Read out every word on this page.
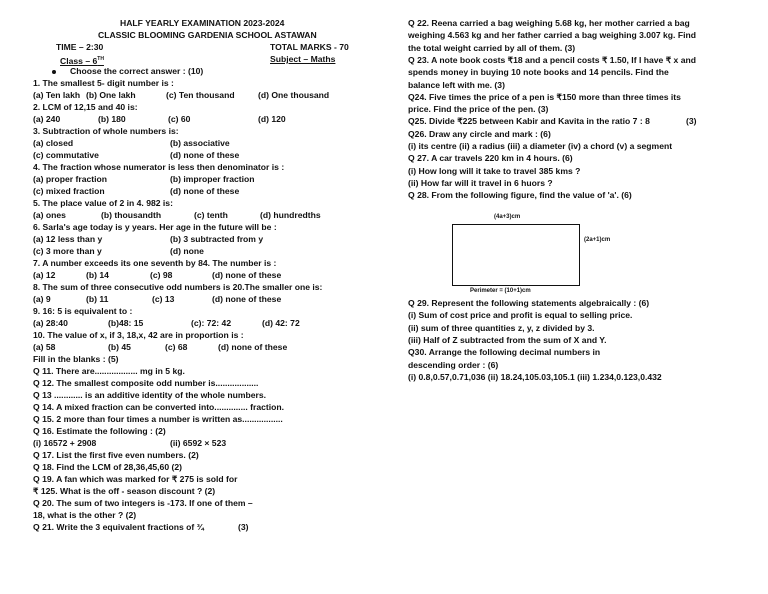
HALF YEARLY EXAMINATION 2023-2024
CLASSIC BLOOMING GARDENIA SCHOOL ASTAWAN
TIME – 2:30	TOTAL MARKS - 70
Class – 6TH	Subject – Maths
Choose the correct answer : (10)
1. The smallest 5- digit number is :
(a) Ten lakh (b) One lakh	(c) Ten thousand	(d) One thousand
2. LCM of 12,15 and 40 is:
(a) 240	(b) 180	(c) 60	(d) 120
3. Subtraction of whole numbers is:
(a) closed	(b) associative
(c) commutative	(d) none of these
4. The fraction whose numerator is less then denominator is :
(a) proper fraction	(b) improper fraction
(c) mixed fraction	(d) none of these
5. The place value of 2 in 4. 982 is:
(a) ones	(b) thousandth	(c) tenth	(d) hundredths
6. Sarla's age today is y years. Her age in the future will be :
(a) 12 less than y	(b) 3 subtracted from y
(c) 3 more than y	(d) none
7. A number exceeds its one seventh by 84. The number is :
(a) 12	(b) 14	(c) 98	(d) none of these
8. The sum of three consecutive odd numbers is 20.The smaller one is:
(a) 9	(b) 11	(c) 13	(d) none of these
9. 16: 5 is equivalent to :
(a) 28:40	(b)48: 15	(c): 72: 42	(d) 42: 72
10. The value of x, if 3, 18,x, 42 are in proportion is :
(a) 58	(b) 45	(c) 68	(d) none of these
Fill in the blanks : (5)
Q 11. There are.................. mg in 5 kg.
Q 12. The smallest composite odd number is..................
Q 13 ............ is an additive identity of the whole numbers.
Q 14. A mixed fraction can be converted into.............. fraction.
Q 15. 2 more than four times a number is written as.................
Q 16. Estimate the following : (2)
(i) 16572 + 2908	(ii) 6592 × 523
Q 17. List the first five even numbers. (2)
Q 18. Find the LCM of 28,36,45,60 (2)
Q 19. A fan which was marked for ₹ 275 is sold for
₹ 125. What is the off - season discount ? (2)
Q 20. The sum of two integers is -173. If one of them –
18, what is the other ? (2)
Q 21. Write the 3 equivalent fractions of ¾	(3)
Q 22. Reena carried a bag weighing 5.68 kg, her mother carried a bag
weighing 4.563 kg and her father carried a bag weighing 3.007 kg. Find
the total weight carried by all of them. (3)
Q 23. A note book costs ₹18 and a pencil costs ₹ 1.50, If I have ₹ x and
spends money in buying 10 note books and 14 pencils. Find the
balance left with me. (3)
Q24. Five times the price of a pen is ₹150 more than three times its
price. Find the price of the pen. (3)
Q25. Divide ₹225 between Kabir and Kavita in the ratio 7 : 8	(3)
Q26. Draw any circle and mark : (6)
(i) its centre (ii) a radius (iii) a diameter (iv) a chord (v) a segment
Q 27. A car travels 220 km in 4 hours. (6)
(i) How long will it take to travel 385 kms ?
(ii) How far will it travel in 6 huors ?
Q 28. From the following figure, find the value of 'a'. (6)
(4a+3)cm
(2a+1)cm
Perimeter = (10+1)cm
Q 29. Represent the following statements algebraically : (6)
(i) Sum of cost price and profit is equal to selling price.
(ii) sum of three quantities z, y, z divided by 3.
(iii) Half of Z subtracted from the sum of X and Y.
Q30. Arrange the following decimal numbers in
descending order : (6)
(i) 0.8,0.57,0.71,036 (ii) 18.24,105.03,105.1 (iii) 1.234,0.123,0.432
